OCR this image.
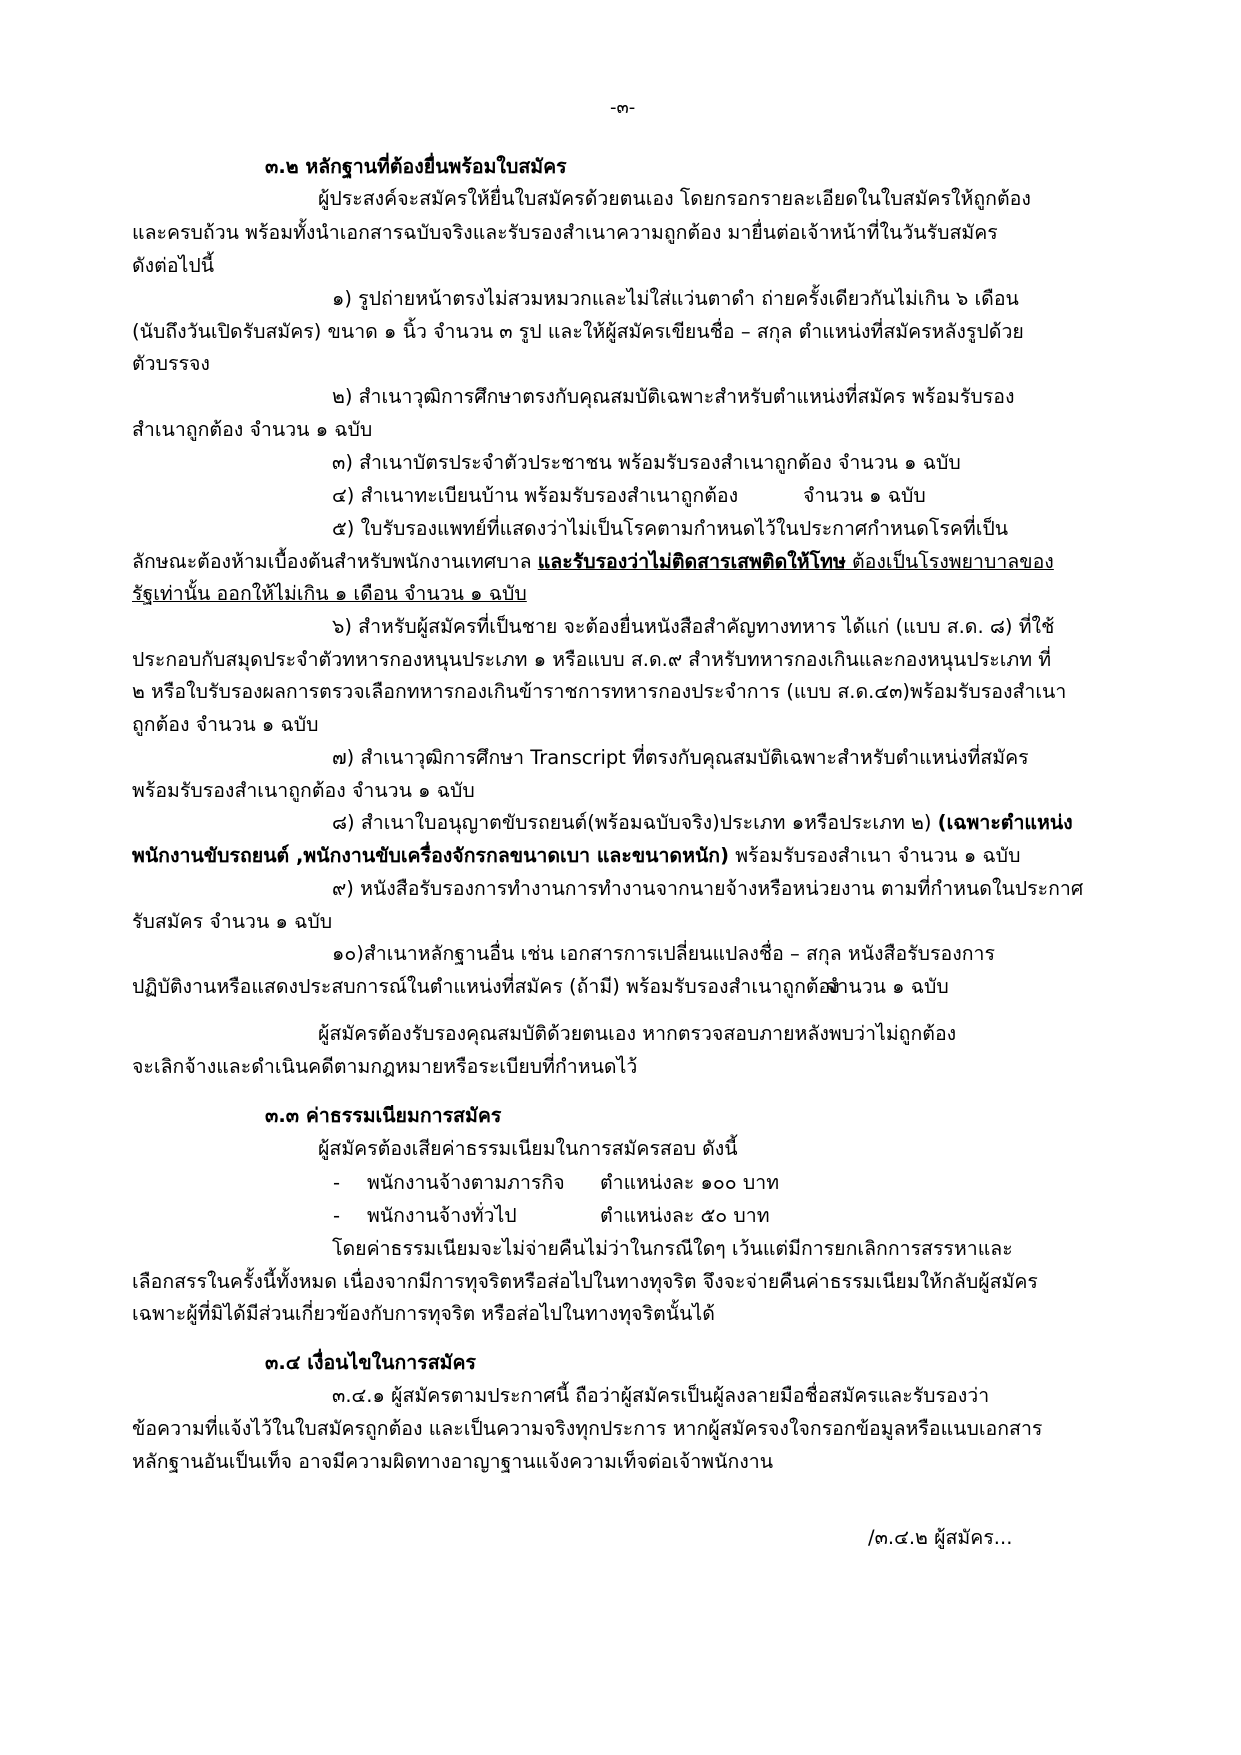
-๓-
๓.๒ หลักฐานที่ต้องยื่นพร้อมใบสมัคร
ผู้ประสงค์จะสมัครให้ยื่นใบสมัครด้วยตนเอง โดยกรอกรายละเอียดในใบสมัครให้ถูกต้อง
และครบถ้วน พร้อมทั้งนำเอกสารฉบับจริงและรับรองสำเนาความถูกต้อง มายื่นต่อเจ้าหน้าที่ในวันรับสมัคร
ดังต่อไปนี้
๑) รูปถ่ายหน้าตรงไม่สวมหมวกและไม่ใส่แว่นตาดำ ถ่ายครั้งเดียวกันไม่เกิน ๖ เดือน
(นับถึงวันเปิดรับสมัคร) ขนาด ๑ นิ้ว จำนวน ๓ รูป และให้ผู้สมัครเขียนชื่อ – สกุล ตำแหน่งที่สมัครหลังรูปด้วย
ตัวบรรจง
๒) สำเนาวุฒิการศึกษาตรงกับคุณสมบัติเฉพาะสำหรับตำแหน่งที่สมัคร พร้อมรับรอง
สำเนาถูกต้อง จำนวน ๑ ฉบับ
๓) สำเนาบัตรประจำตัวประชาชน พร้อมรับรองสำเนาถูกต้อง จำนวน ๑ ฉบับ
๔) สำเนาทะเบียนบ้าน พร้อมรับรองสำเนาถูกต้อง	จำนวน ๑ ฉบับ
๕) ใบรับรองแพทย์ที่แสดงว่าไม่เป็นโรคตามกำหนดไว้ในประกาศกำหนดโรคที่เป็น
ลักษณะต้องห้ามเบื้องต้นสำหรับพนักงานเทศบาล และรับรองว่าไม่ติดสารเสพติดให้โทษ ต้องเป็นโรงพยาบาลของ
รัฐเท่านั้น ออกให้ไม่เกิน ๑ เดือน จำนวน ๑ ฉบับ
๖) สำหรับผู้สมัครที่เป็นชาย จะต้องยื่นหนังสือสำคัญทางทหาร ได้แก่ (แบบ ส.ด. ๘) ที่ใช้
ประกอบกับสมุดประจำตัวทหารกองหนุนประเภท ๑ หรือแบบ ส.ด.๙ สำหรับทหารกองเกินและกองหนุนประเภท ที่
๒ หรือใบรับรองผลการตรวจเลือกทหารกองเกินข้าราชการทหารกองประจำการ (แบบ ส.ด.๔๓)พร้อมรับรองสำเนา
ถูกต้อง จำนวน ๑ ฉบับ
๗) สำเนาวุฒิการศึกษา Transcript ที่ตรงกับคุณสมบัติเฉพาะสำหรับตำแหน่งที่สมัคร
พร้อมรับรองสำเนาถูกต้อง จำนวน ๑ ฉบับ
๘) สำเนาใบอนุญาตขับรถยนต์(พร้อมฉบับจริง)ประเภท ๑หรือประเภท ๒) (เฉพาะตำแหน่ง
พนักงานขับรถยนต์ ,พนักงานขับเครื่องจักรกลขนาดเบา และขนาดหนัก) พร้อมรับรองสำเนา จำนวน ๑ ฉบับ
๙) หนังสือรับรองการทำงานการทำงานจากนายจ้างหรือหน่วยงาน ตามที่กำหนดในประกาศ
รับสมัคร จำนวน ๑ ฉบับ
๑๐)สำเนาหลักฐานอื่น เช่น เอกสารการเปลี่ยนแปลงชื่อ – สกุล หนังสือรับรองการ
ปฏิบัติงานหรือแสดงประสบการณ์ในตำแหน่งที่สมัคร (ถ้ามี) พร้อมรับรองสำเนาถูกต้อง
จำนวน ๑ ฉบับ
ผู้สมัครต้องรับรองคุณสมบัติด้วยตนเอง หากตรวจสอบภายหลังพบว่าไม่ถูกต้อง
จะเลิกจ้างและดำเนินคดีตามกฎหมายหรือระเบียบที่กำหนดไว้
๓.๓ ค่าธรรมเนียมการสมัคร
ผู้สมัครต้องเสียค่าธรรมเนียมในการสมัครสอบ ดังนี้
- พนักงานจ้างตามภารกิจ ตำแหน่งละ ๑๐๐ บาท
- พนักงานจ้างทั่วไป	ตำแหน่งละ ๕๐ บาท
โดยค่าธรรมเนียมจะไม่จ่ายคืนไม่ว่าในกรณีใดๆ เว้นแต่มีการยกเลิกการสรรหาและ
เลือกสรรในครั้งนี้ทั้งหมด เนื่องจากมีการทุจริตหรือส่อไปในทางทุจริต จึงจะจ่ายคืนค่าธรรมเนียมให้กลับผู้สมัคร
เฉพาะผู้ที่มิได้มีส่วนเกี่ยวข้องกับการทุจริต หรือส่อไปในทางทุจริตนั้นได้
๓.๔ เงื่อนไขในการสมัคร
๓.๔.๑ ผู้สมัครตามประกาศนี้ ถือว่าผู้สมัครเป็นผู้ลงลายมือชื่อสมัครและรับรองว่า
ข้อความที่แจ้งไว้ในใบสมัครถูกต้อง และเป็นความจริงทุกประการ หากผู้สมัครจงใจกรอกข้อมูลหรือแนบเอกสาร
หลักฐานอันเป็นเท็จ อาจมีความผิดทางอาญาฐานแจ้งความเท็จต่อเจ้าพนักงาน
/๓.๔.๒ ผู้สมัคร...
